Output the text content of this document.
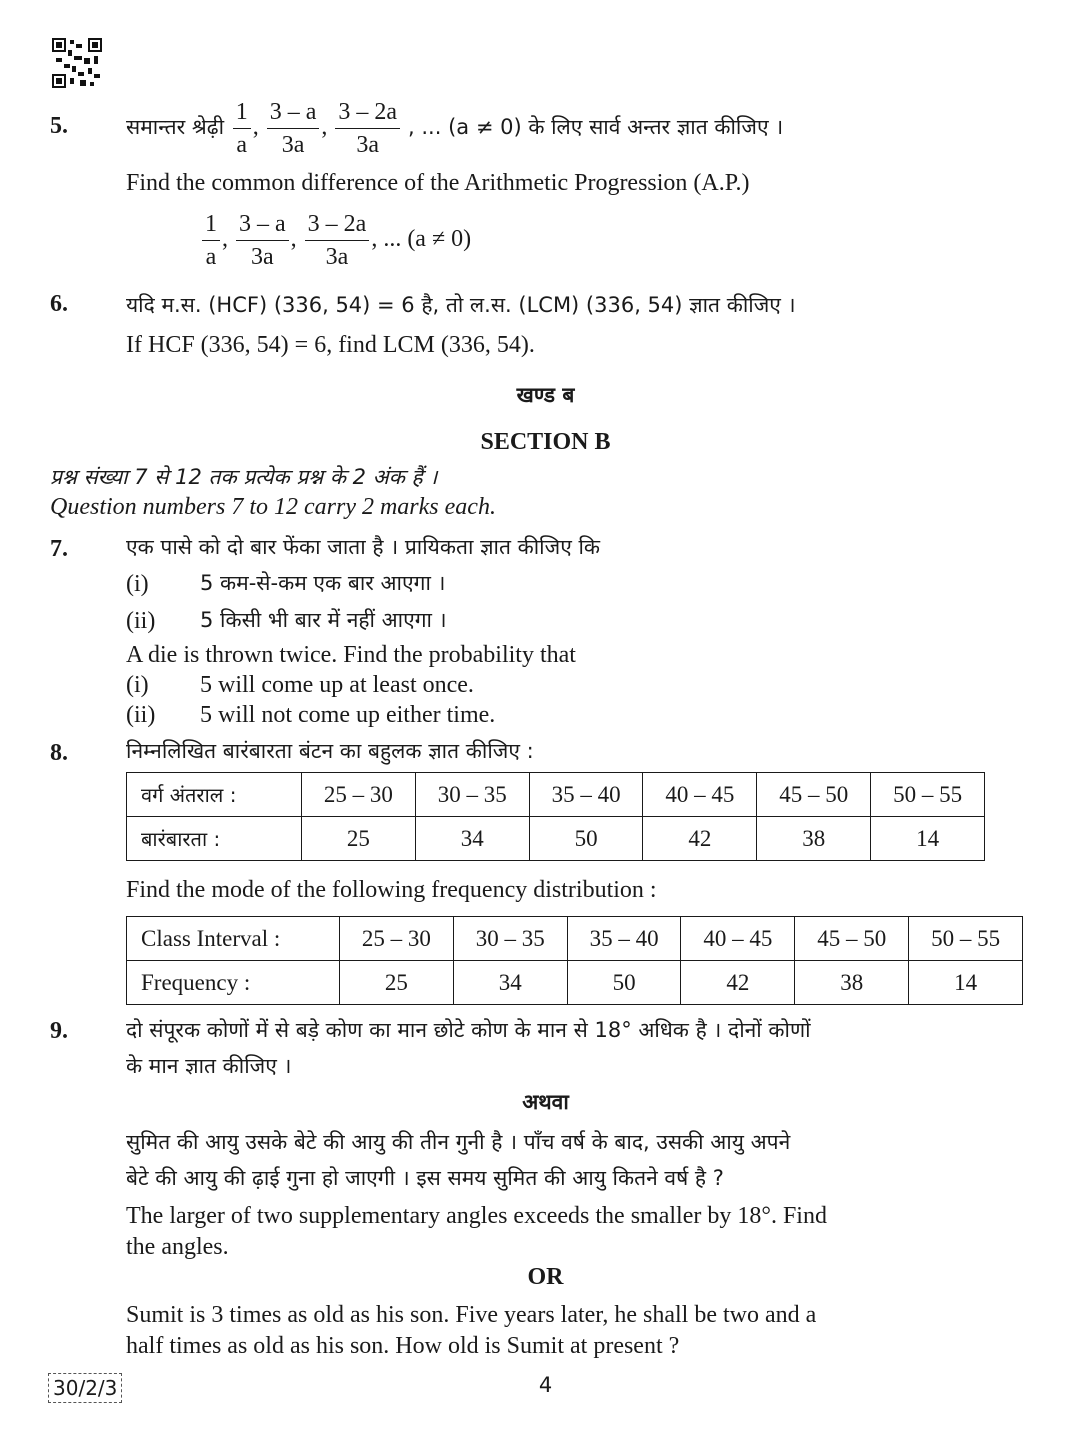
5.	समान्तर श्रेढ़ी $\frac{1}{a}$ , $\frac{3 - a}{3a}$ , $\frac{3 - 2a}{3a}$ , ... (a ≠ 0) के लिए सार्व अन्तर ज्ञात कीजिए ।
Find the common difference of the Arithmetic Progression (A.P.)
$\frac{1}{a}$ , $\frac{3 - a}{3a}$ , $\frac{3 - 2a}{3a}$ , ... (a ≠ 0)
6.	यदि म.स. (HCF) (336, 54) = 6 है, तो ल.स. (LCM) (336, 54) ज्ञात कीजिए ।
If HCF (336, 54) = 6, find LCM (336, 54).
खण्ड ब
SECTION B
प्रश्न संख्या 7 से 12 तक प्रत्येक प्रश्न के 2 अंक हैं ।
Question numbers 7 to 12 carry 2 marks each.
7.	एक पासे को दो बार फेंका जाता है । प्रायिकता ज्ञात कीजिए कि
(i) 5 कम-से-कम एक बार आएगा ।
(ii) 5 किसी भी बार में नहीं आएगा ।
A die is thrown twice. Find the probability that
(i) 5 will come up at least once.
(ii) 5 will not come up either time.
8.	निम्नलिखित बारंबारता बंटन का बहुलक ज्ञात कीजिए :
वर्ग अंतराल :	25 – 30	30 – 35	35 – 40	40 – 45	45 – 50	50 – 55
बारंबारता :	25	34	50	42	38	14
Find the mode of the following frequency distribution :
Class Interval :	25 – 30	30 – 35	35 – 40	40 – 45	45 – 50	50 – 55
Frequency :	25	34	50	42	38	14
9.	दो संपूरक कोणों में से बड़े कोण का मान छोटे कोण के मान से 18° अधिक है । दोनों कोणों
के मान ज्ञात कीजिए ।
अथवा
सुमित की आयु उसके बेटे की आयु की तीन गुनी है । पाँच वर्ष के बाद, उसकी आयु अपने
बेटे की आयु की ढ़ाई गुना हो जाएगी । इस समय सुमित की आयु कितने वर्ष है ?
The larger of two supplementary angles exceeds the smaller by 18°. Find
the angles.
OR
Sumit is 3 times as old as his son. Five years later, he shall be two and a
half times as old as his son. How old is Sumit at present ?
30/2/3	4
